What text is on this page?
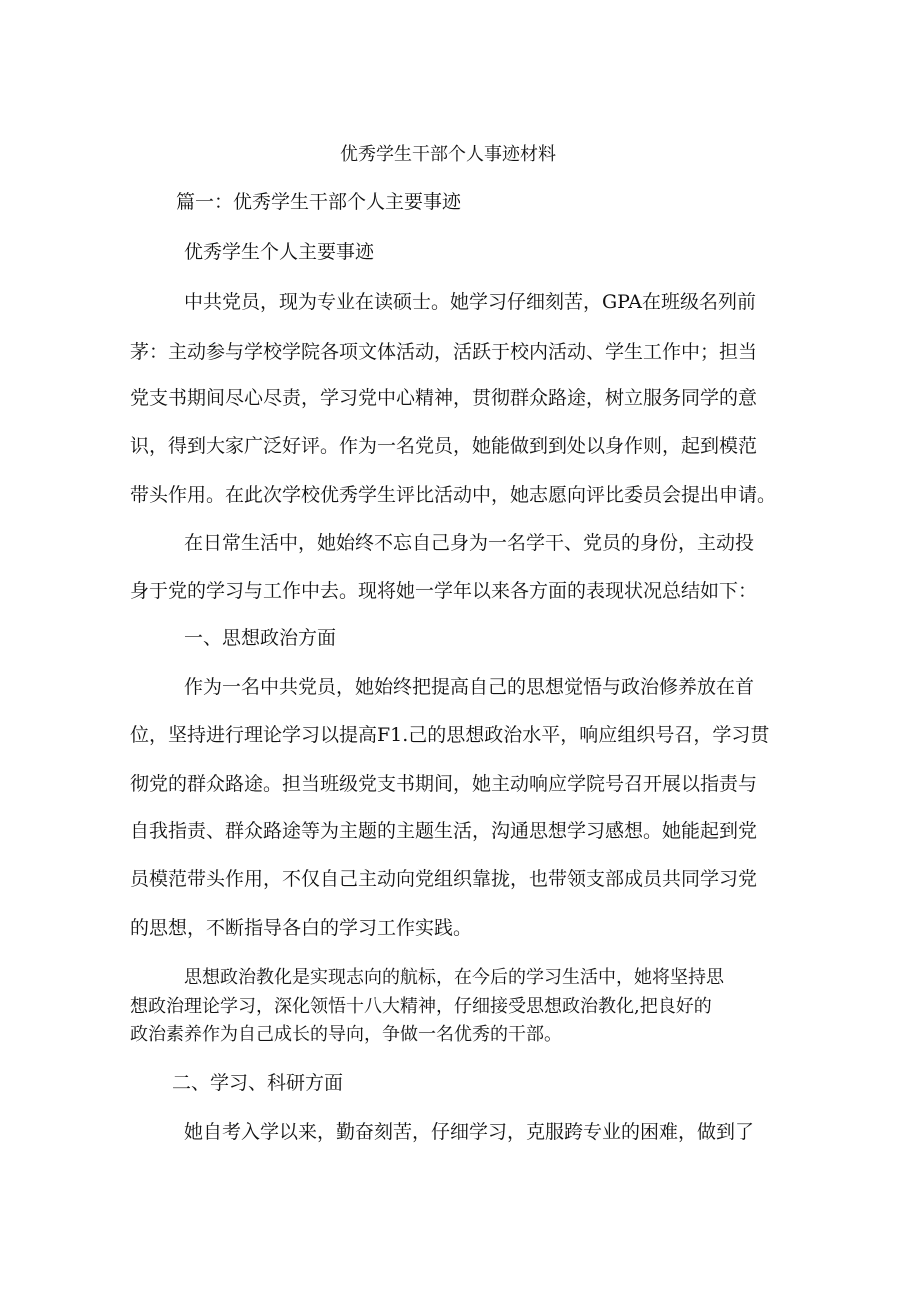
优秀学生干部个人事迹材料

篇一：优秀学生干部个人主要事迹

优秀学生个人主要事迹

中共党员，现为专业在读硕士。她学习仔细刻苦，GPA在班级名列前

茅：主动参与学校学院各项文体活动，活跃于校内活动、学生工作中；担当

党支书期间尽心尽责，学习党中心精神，贯彻群众路途，树立服务同学的意

识，得到大家广泛好评。作为一名党员，她能做到到处以身作则，起到模范

带头作用。在此次学校优秀学生评比活动中，她志愿向评比委员会提出申请。

在日常生活中，她始终不忘自己身为一名学干、党员的身份，主动投

身于党的学习与工作中去。现将她一学年以来各方面的表现状况总结如下：

一、思想政治方面

作为一名中共党员，她始终把提高自己的思想觉悟与政治修养放在首

位，坚持进行理论学习以提高F1.己的思想政治水平，响应组织号召，学习贯

彻党的群众路途。担当班级党支书期间，她主动响应学院号召开展以指责与

自我指责、群众路途等为主题的主题生活，沟通思想学习感想。她能起到党

员模范带头作用，不仅自己主动向党组织靠拢，也带领支部成员共同学习党

的思想，不断指导各白的学习工作实践。

思想政治教化是实现志向的航标，在今后的学习生活中，她将坚持思

想政治理论学习，深化领悟十八大精神，仔细接受思想政治教化,把良好的

政治素养作为自己成长的导向，争做一名优秀的干部。

二、学习、科研方面

她自考入学以来，勤奋刻苦，仔细学习，克服跨专业的困难，做到了
